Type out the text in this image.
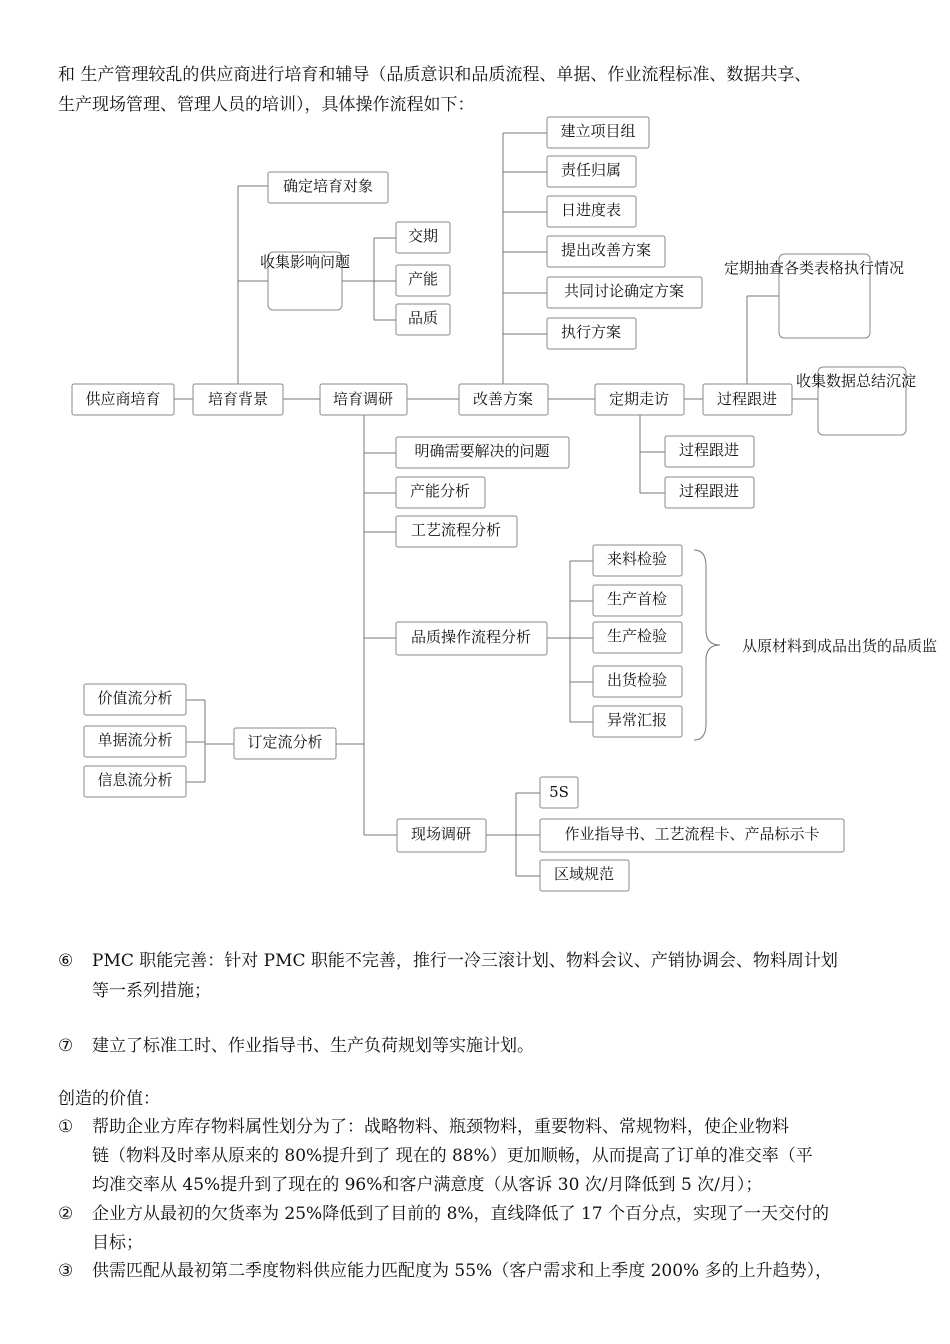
和 生产管理较乱的供应商进行培育和辅导（品质意识和品质流程、单据、作业流程标准、数据共享、
生产现场管理、管理人员的培训），具体操作流程如下：
供应商培育	培育背景	培育调研	改善方案	定期走访	过程跟进
确定培育对象
收集影响问题
交期
产能
品质
建立项目组
责任归属
日进度表
提出改善方案
共同讨论确定方案
执行方案
定期抽查各类表格执行情况
收集数据总结沉淀
过程跟进
过程跟进
明确需要解决的问题
产能分析
工艺流程分析
品质操作流程分析
来料检验
生产首检
生产检验
出货检验
异常汇报
从原材料到成品出货的品质监
价值流分析
单据流分析
信息流分析
订定流分析
现场调研
5S
作业指导书、工艺流程卡、产品标示卡
区域规范
⑥	PMC 职能完善：针对 PMC 职能不完善，推行一冷三滚计划、物料会议、产销协调会、物料周计划
等一系列措施；
⑦	建立了标准工时、作业指导书、生产负荷规划等实施计划。
创造的价值：
①	帮助企业方库存物料属性划分为了：战略物料、瓶颈物料，重要物料、常规物料，使企业物料
链（物料及时率从原来的 80%提升到了 现在的 88%）更加顺畅，从而提高了订单的准交率（平
均准交率从 45%提升到了现在的 96%和客户满意度（从客诉 30 次/月降低到 5 次/月）；
②	企业方从最初的欠货率为 25%降低到了目前的 8%，直线降低了 17 个百分点，实现了一天交付的
目标；
③	供需匹配从最初第二季度物料供应能力匹配度为 55%（客户需求和上季度 200% 多的上升趋势），
